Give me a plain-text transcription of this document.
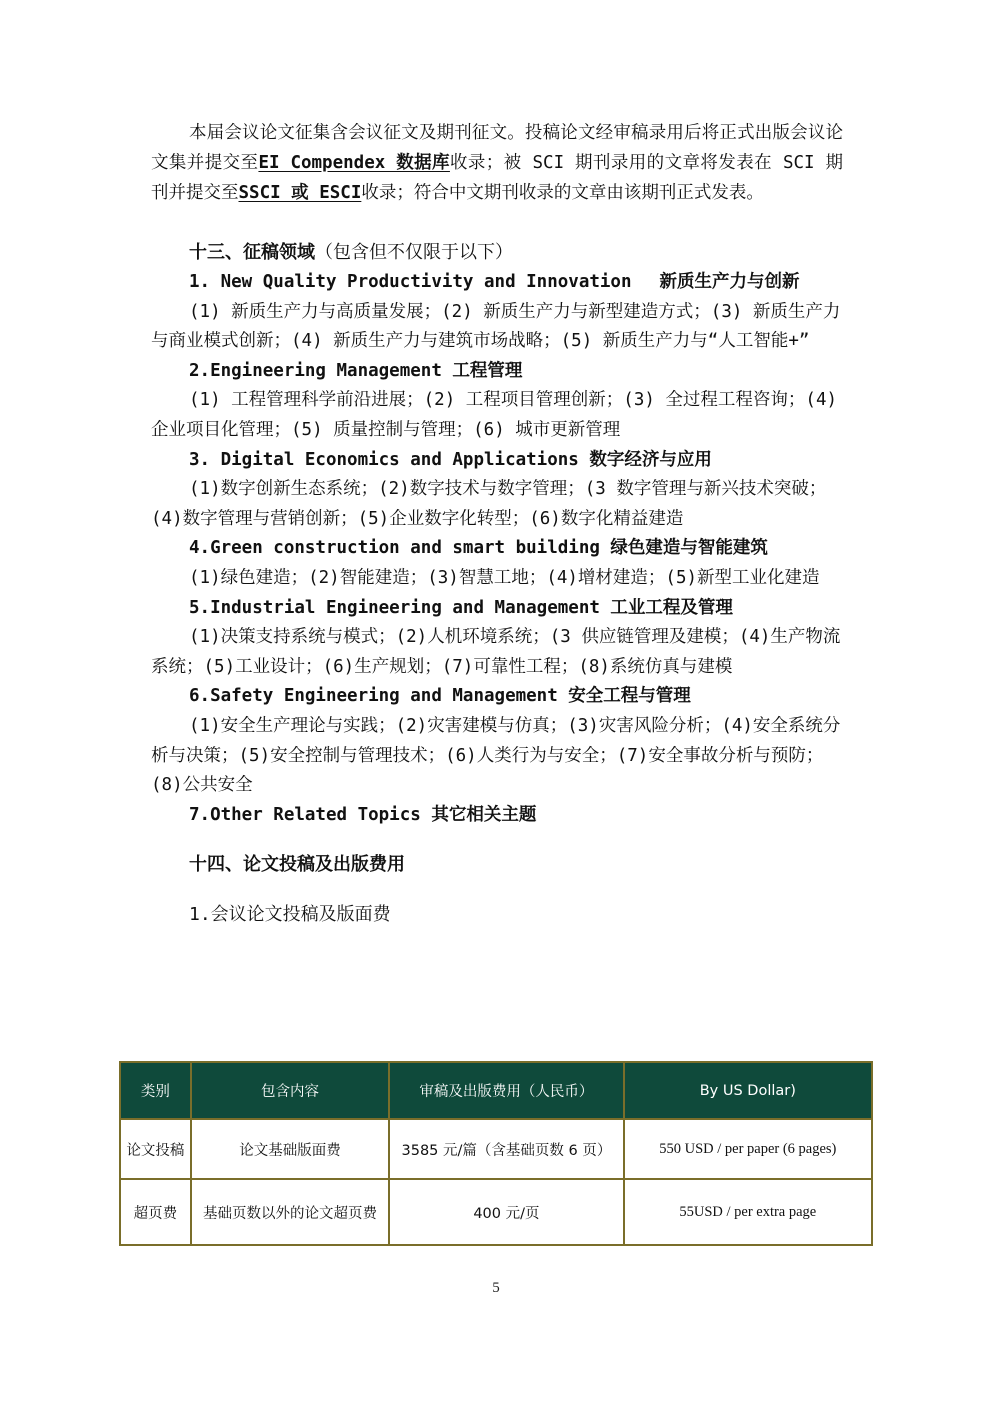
本届会议论文征集含会议征文及期刊征文。投稿论文经审稿录用后将正式出版会议论文集并提交至EI Compendex 数据库收录；被 SCI 期刊录用的文章将发表在 SCI 期刊并提交至SSCI 或 ESCI收录；符合中文期刊收录的文章由该期刊正式发表。

十三、征稿领域（包含但不仅限于以下）

1. New Quality Productivity and Innovation　 新质生产力与创新

(1) 新质生产力与高质量发展；(2) 新质生产力与新型建造方式；(3) 新质生产力与商业模式创新；(4) 新质生产力与建筑市场战略；(5) 新质生产力与“人工智能+”

2.Engineering Management 工程管理

(1) 工程管理科学前沿进展；(2) 工程项目管理创新；(3) 全过程工程咨询；(4) 企业项目化管理；(5) 质量控制与管理；(6) 城市更新管理

3. Digital Economics and Applications 数字经济与应用

(1)数字创新生态系统；(2)数字技术与数字管理；(3 数字管理与新兴技术突破；(4)数字管理与营销创新；(5)企业数字化转型；(6)数字化精益建造

4.Green construction and smart building 绿色建造与智能建筑

(1)绿色建造；(2)智能建造；(3)智慧工地；(4)增材建造；(5)新型工业化建造

5.Industrial Engineering and Management 工业工程及管理

(1)决策支持系统与模式；(2)人机环境系统；(3 供应链管理及建模；(4)生产物流系统；(5)工业设计；(6)生产规划；(7)可靠性工程；(8)系统仿真与建模

6.Safety Engineering and Management 安全工程与管理

(1)安全生产理论与实践；(2)灾害建模与仿真；(3)灾害风险分析；(4)安全系统分析与决策；(5)安全控制与管理技术；(6)人类行为与安全；(7)安全事故分析与预防；(8)公共安全

7.Other Related Topics 其它相关主题

十四、论文投稿及出版费用

1.会议论文投稿及版面费

类别	包含内容	审稿及出版费用（人民币）	By US Dollar)
论文投稿	论文基础版面费	3585 元/篇（含基础页数 6 页）	550 USD / per paper (6 pages)
超页费	基础页数以外的论文超页费	400 元/页	55USD / per extra page
5
